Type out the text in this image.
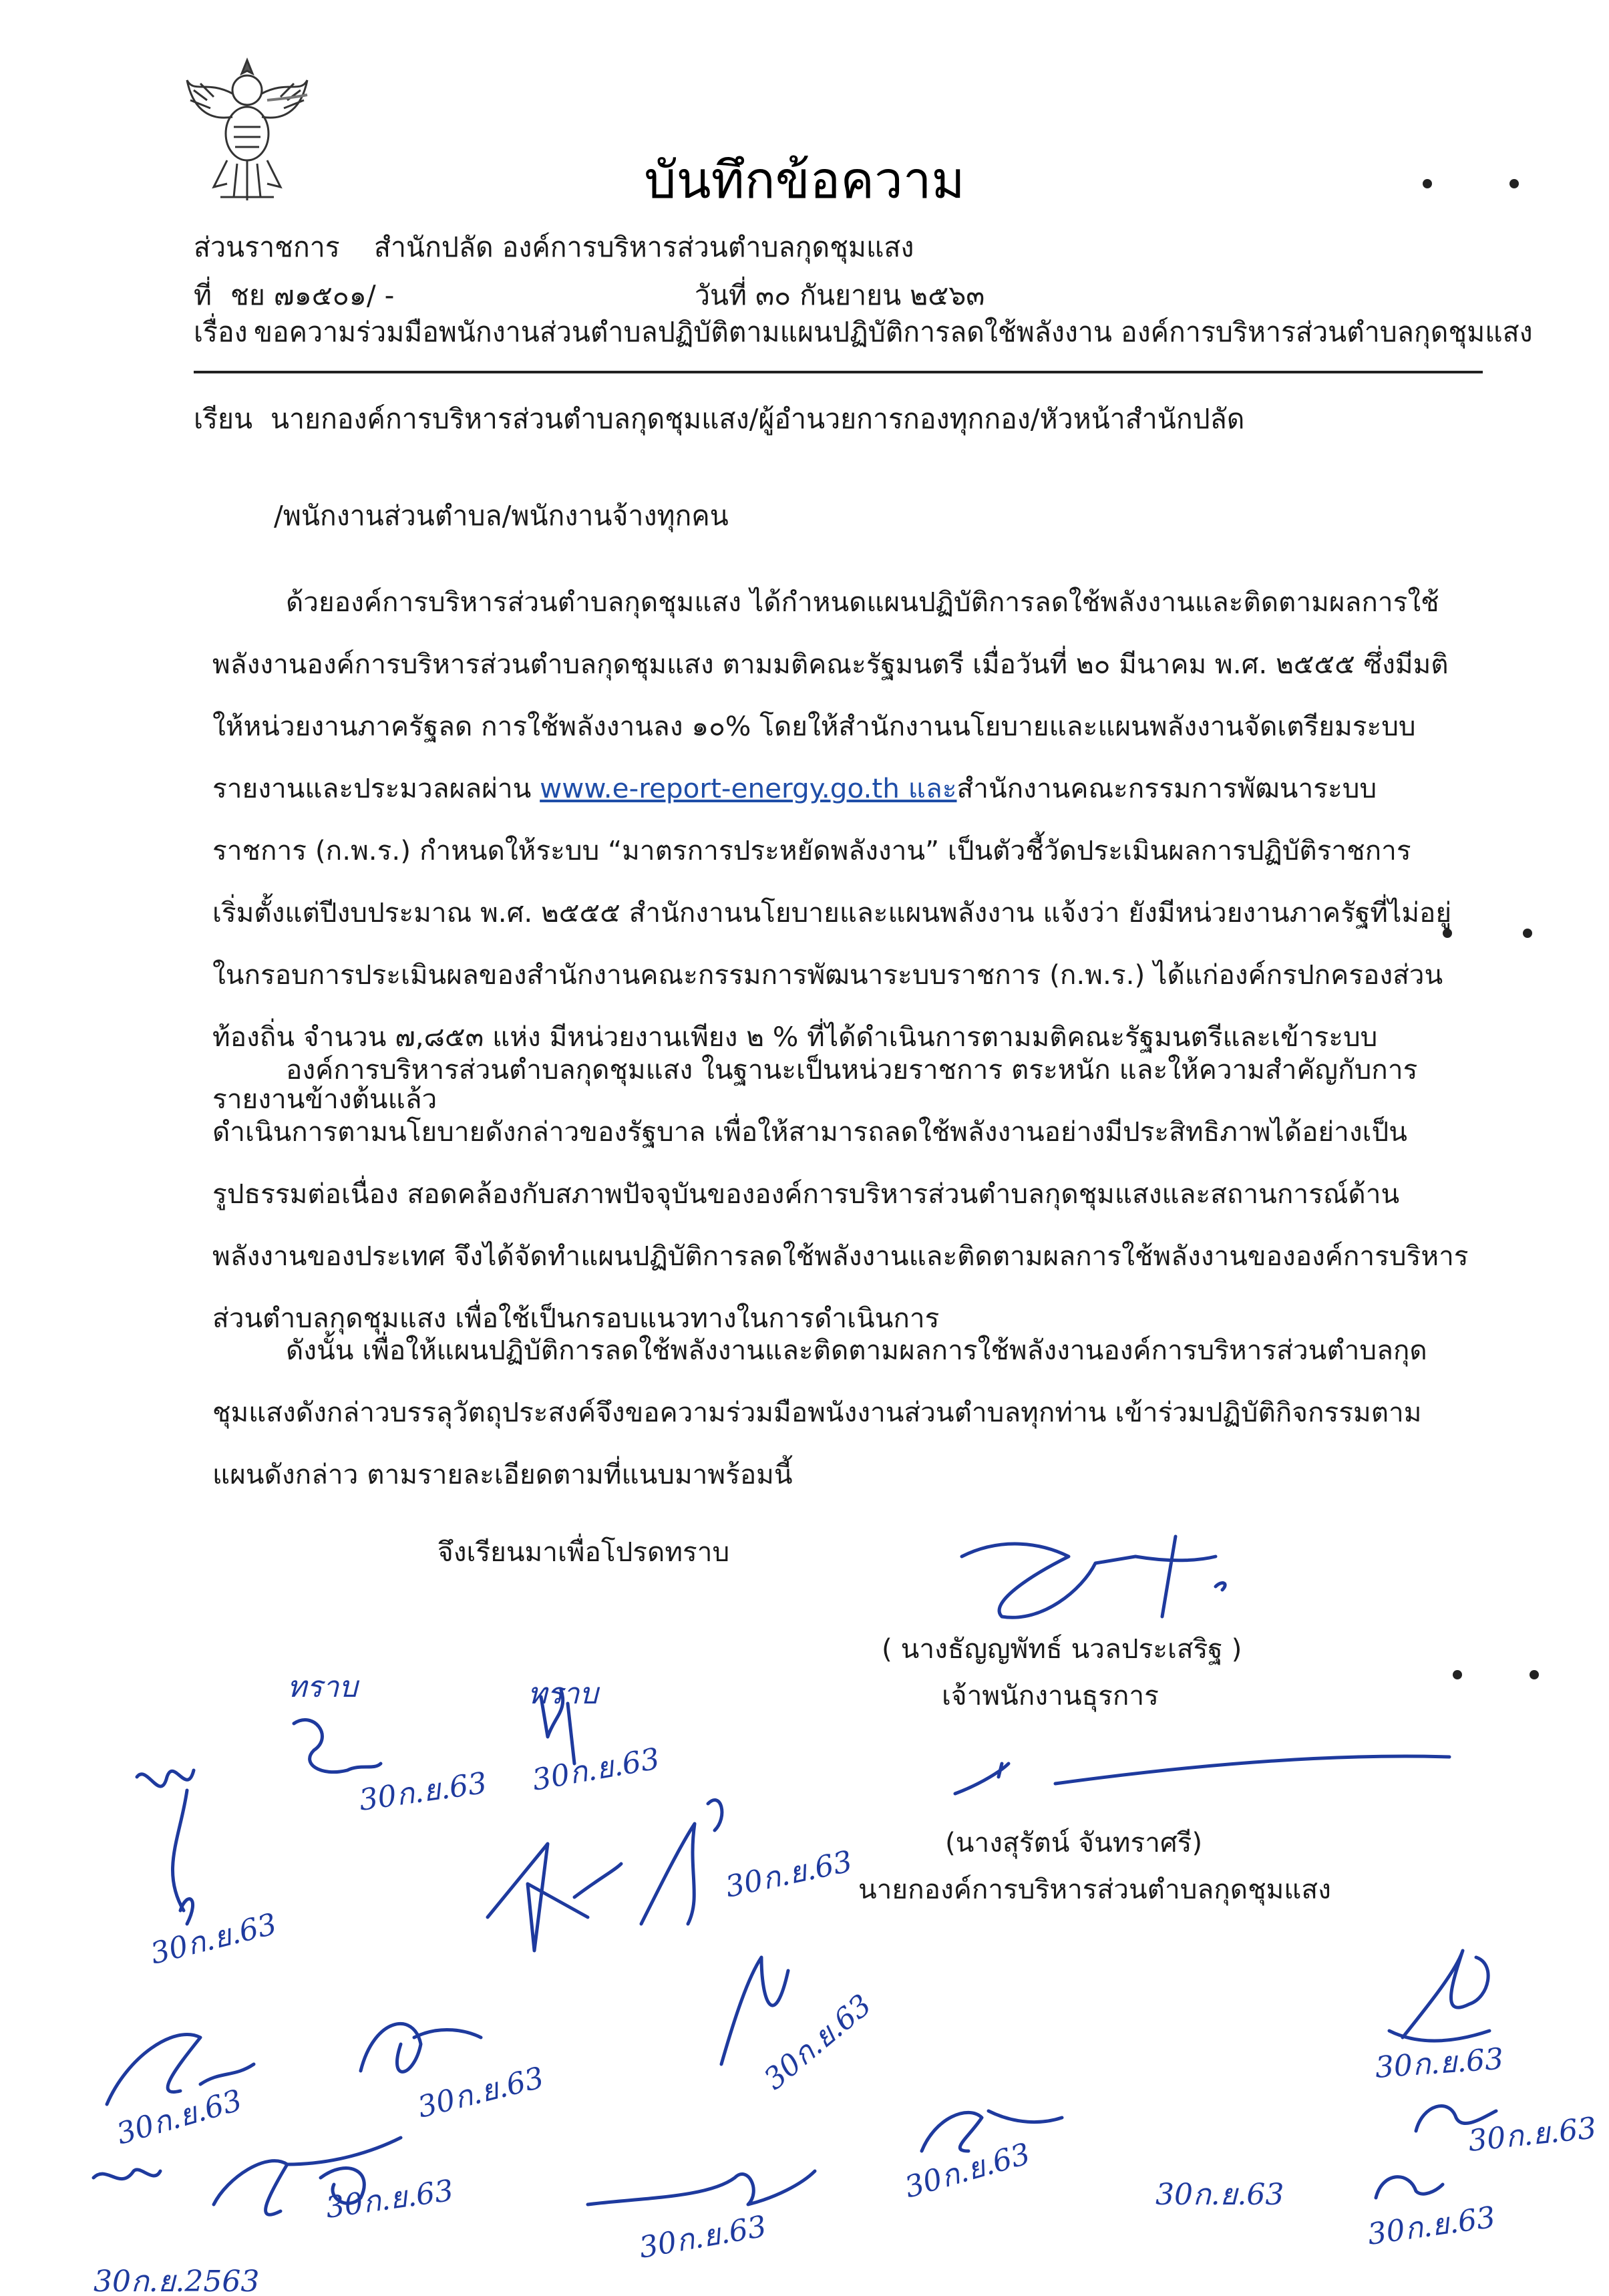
บันทึกข้อความ
ส่วนราชการ สำนักปลัด องค์การบริหารส่วนตำบลกุดชุมแสง
ที่ ชย ๗๑๕๐๑/ -	วันที่ ๓๐ กันยายน ๒๕๖๓
เรื่อง ขอความร่วมมือพนักงานส่วนตำบลปฏิบัติตามแผนปฏิบัติการลดใช้พลังงาน องค์การบริหารส่วนตำบลกุดชุมแสง
เรียน นายกองค์การบริหารส่วนตำบลกุดชุมแสง/ผู้อำนวยการกองทุกกอง/หัวหน้าสำนักปลัด
/พนักงานส่วนตำบล/พนักงานจ้างทุกคน
ด้วยองค์การบริหารส่วนตำบลกุดชุมแสง ได้กำหนดแผนปฏิบัติการลดใช้พลังงานและติดตามผลการใช้
พลังงานองค์การบริหารส่วนตำบลกุดชุมแสง ตามมติคณะรัฐมนตรี เมื่อวันที่ ๒๐ มีนาคม พ.ศ. ๒๕๕๕ ซึ่งมีมติ
ให้หน่วยงานภาครัฐลด การใช้พลังงานลง ๑๐% โดยให้สำนักงานนโยบายและแผนพลังงานจัดเตรียมระบบ
รายงานและประมวลผลผ่าน www.e-report-energy.go.th และสำนักงานคณะกรรมการพัฒนาระบบ
ราชการ (ก.พ.ร.) กำหนดให้ระบบ “มาตรการประหยัดพลังงาน” เป็นตัวชี้วัดประเมินผลการปฏิบัติราชการ
เริ่มตั้งแต่ปีงบประมาณ พ.ศ. ๒๕๕๕ สำนักงานนโยบายและแผนพลังงาน แจ้งว่า ยังมีหน่วยงานภาครัฐที่ไม่อยู่
ในกรอบการประเมินผลของสำนักงานคณะกรรมการพัฒนาระบบราชการ (ก.พ.ร.) ได้แก่องค์กรปกครองส่วน
ท้องถิ่น จำนวน ๗,๘๕๓ แห่ง มีหน่วยงานเพียง ๒ % ที่ได้ดำเนินการตามมติคณะรัฐมนตรีและเข้าระบบ
รายงานข้างต้นแล้ว
องค์การบริหารส่วนตำบลกุดชุมแสง ในฐานะเป็นหน่วยราชการ ตระหนัก และให้ความสำคัญกับการ
ดำเนินการตามนโยบายดังกล่าวของรัฐบาล เพื่อให้สามารถลดใช้พลังงานอย่างมีประสิทธิภาพได้อย่างเป็น
รูปธรรมต่อเนื่อง สอดคล้องกับสภาพปัจจุบันขององค์การบริหารส่วนตำบลกุดชุมแสงและสถานการณ์ด้าน
พลังงานของประเทศ จึงได้จัดทำแผนปฏิบัติการลดใช้พลังงานและติดตามผลการใช้พลังงานขององค์การบริหาร
ส่วนตำบลกุดชุมแสง เพื่อใช้เป็นกรอบแนวทางในการดำเนินการ
ดังนั้น เพื่อให้แผนปฏิบัติการลดใช้พลังงานและติดตามผลการใช้พลังงานองค์การบริหารส่วนตำบลกุด
ชุมแสงดังกล่าวบรรลุวัตถุประสงค์จึงขอความร่วมมือพนังงานส่วนตำบลทุกท่าน เข้าร่วมปฏิบัติกิจกรรมตาม
แผนดังกล่าว ตามรายละเอียดตามที่แนบมาพร้อมนี้
จึงเรียนมาเพื่อโปรดทราบ
( นางธัญญพัทธ์ นวลประเสริฐ )
เจ้าพนักงานธุรการ
(นางสุรัตน์ จันทราศรี)
นายกองค์การบริหารส่วนตำบลกุดชุมแสง
ทราบ	ทราบ
30ก.ย.63 30ก.ย.63
30ก.ย.63
30ก.ย.63
30ก.ย.63	30ก.ย.63	30ก.ย.63
30ก.ย.63
30ก.ย.63
30ก.ย.63	30ก.ย.63
30ก.ย.63
30ก.ย.63
30ก.ย.63
30ก.ย.2563
